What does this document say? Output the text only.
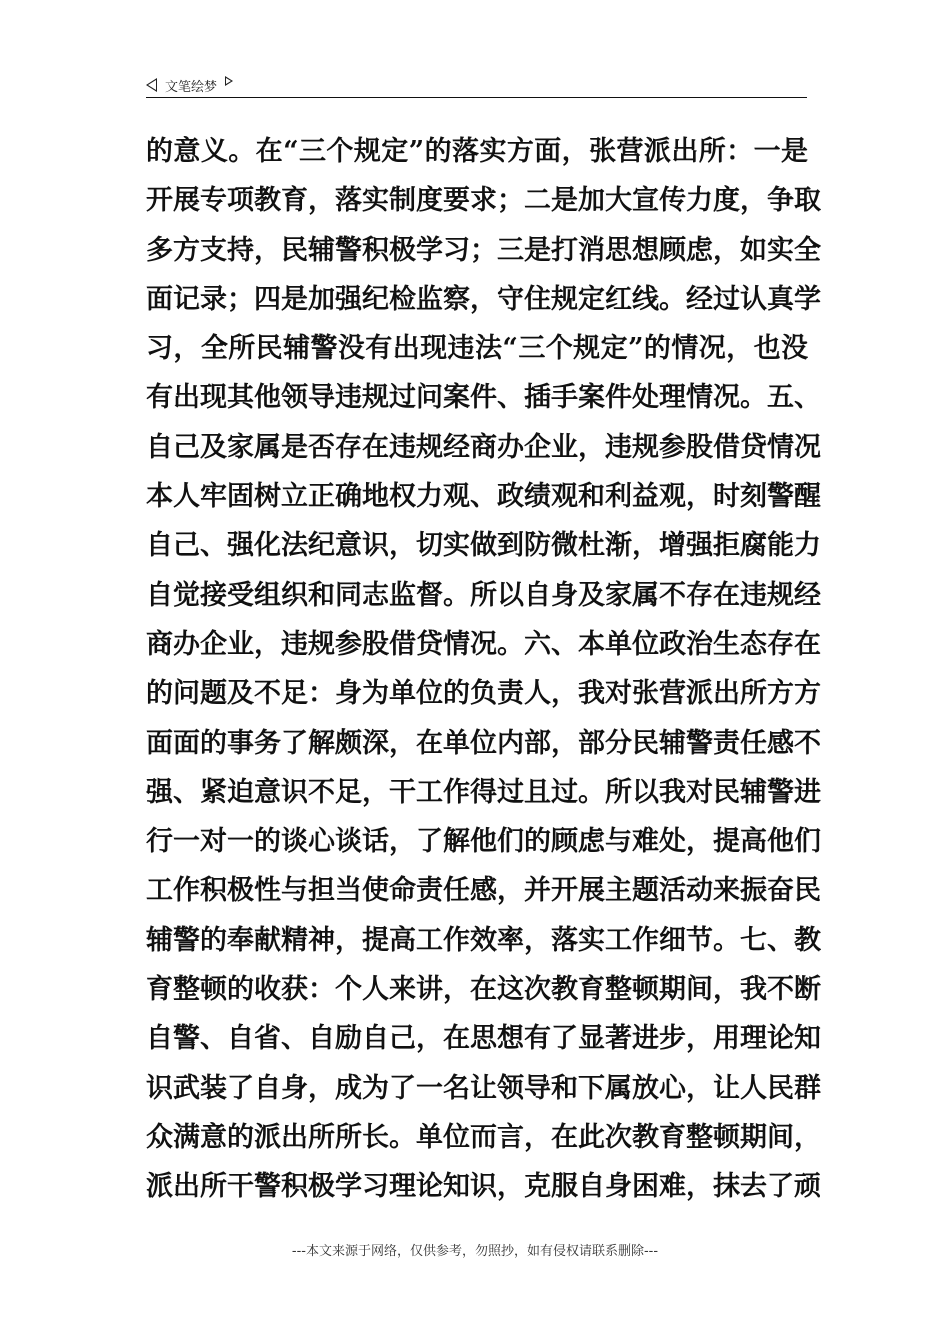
文笔绘梦
的意义。在“三个规定”的落实方面，张营派出所：一是
开展专项教育，落实制度要求；二是加大宣传力度，争取
多方支持，民辅警积极学习；三是打消思想顾虑，如实全
面记录；四是加强纪检监察，守住规定红线。经过认真学
习，全所民辅警没有出现违法“三个规定”的情况，也没
有出现其他领导违规过问案件、插手案件处理情况。五、
自己及家属是否存在违规经商办企业，违规参股借贷情况
本人牢固树立正确地权力观、政绩观和利益观，时刻警醒
自己、强化法纪意识，切实做到防微杜渐，增强拒腐能力
自觉接受组织和同志监督。所以自身及家属不存在违规经
商办企业，违规参股借贷情况。六、本单位政治生态存在
的问题及不足：身为单位的负责人，我对张营派出所方方
面面的事务了解颇深，在单位内部，部分民辅警责任感不
强、紧迫意识不足，干工作得过且过。所以我对民辅警进
行一对一的谈心谈话，了解他们的顾虑与难处，提高他们
工作积极性与担当使命责任感，并开展主题活动来振奋民
辅警的奉献精神，提高工作效率，落实工作细节。七、教
育整顿的收获：个人来讲，在这次教育整顿期间，我不断
自警、自省、自励自己，在思想有了显著进步，用理论知
识武装了自身，成为了一名让领导和下属放心，让人民群
众满意的派出所所长。单位而言，在此次教育整顿期间，
派出所干警积极学习理论知识，克服自身困难，抹去了顽
---本文来源于网络，仅供参考，勿照抄，如有侵权请联系删除---
